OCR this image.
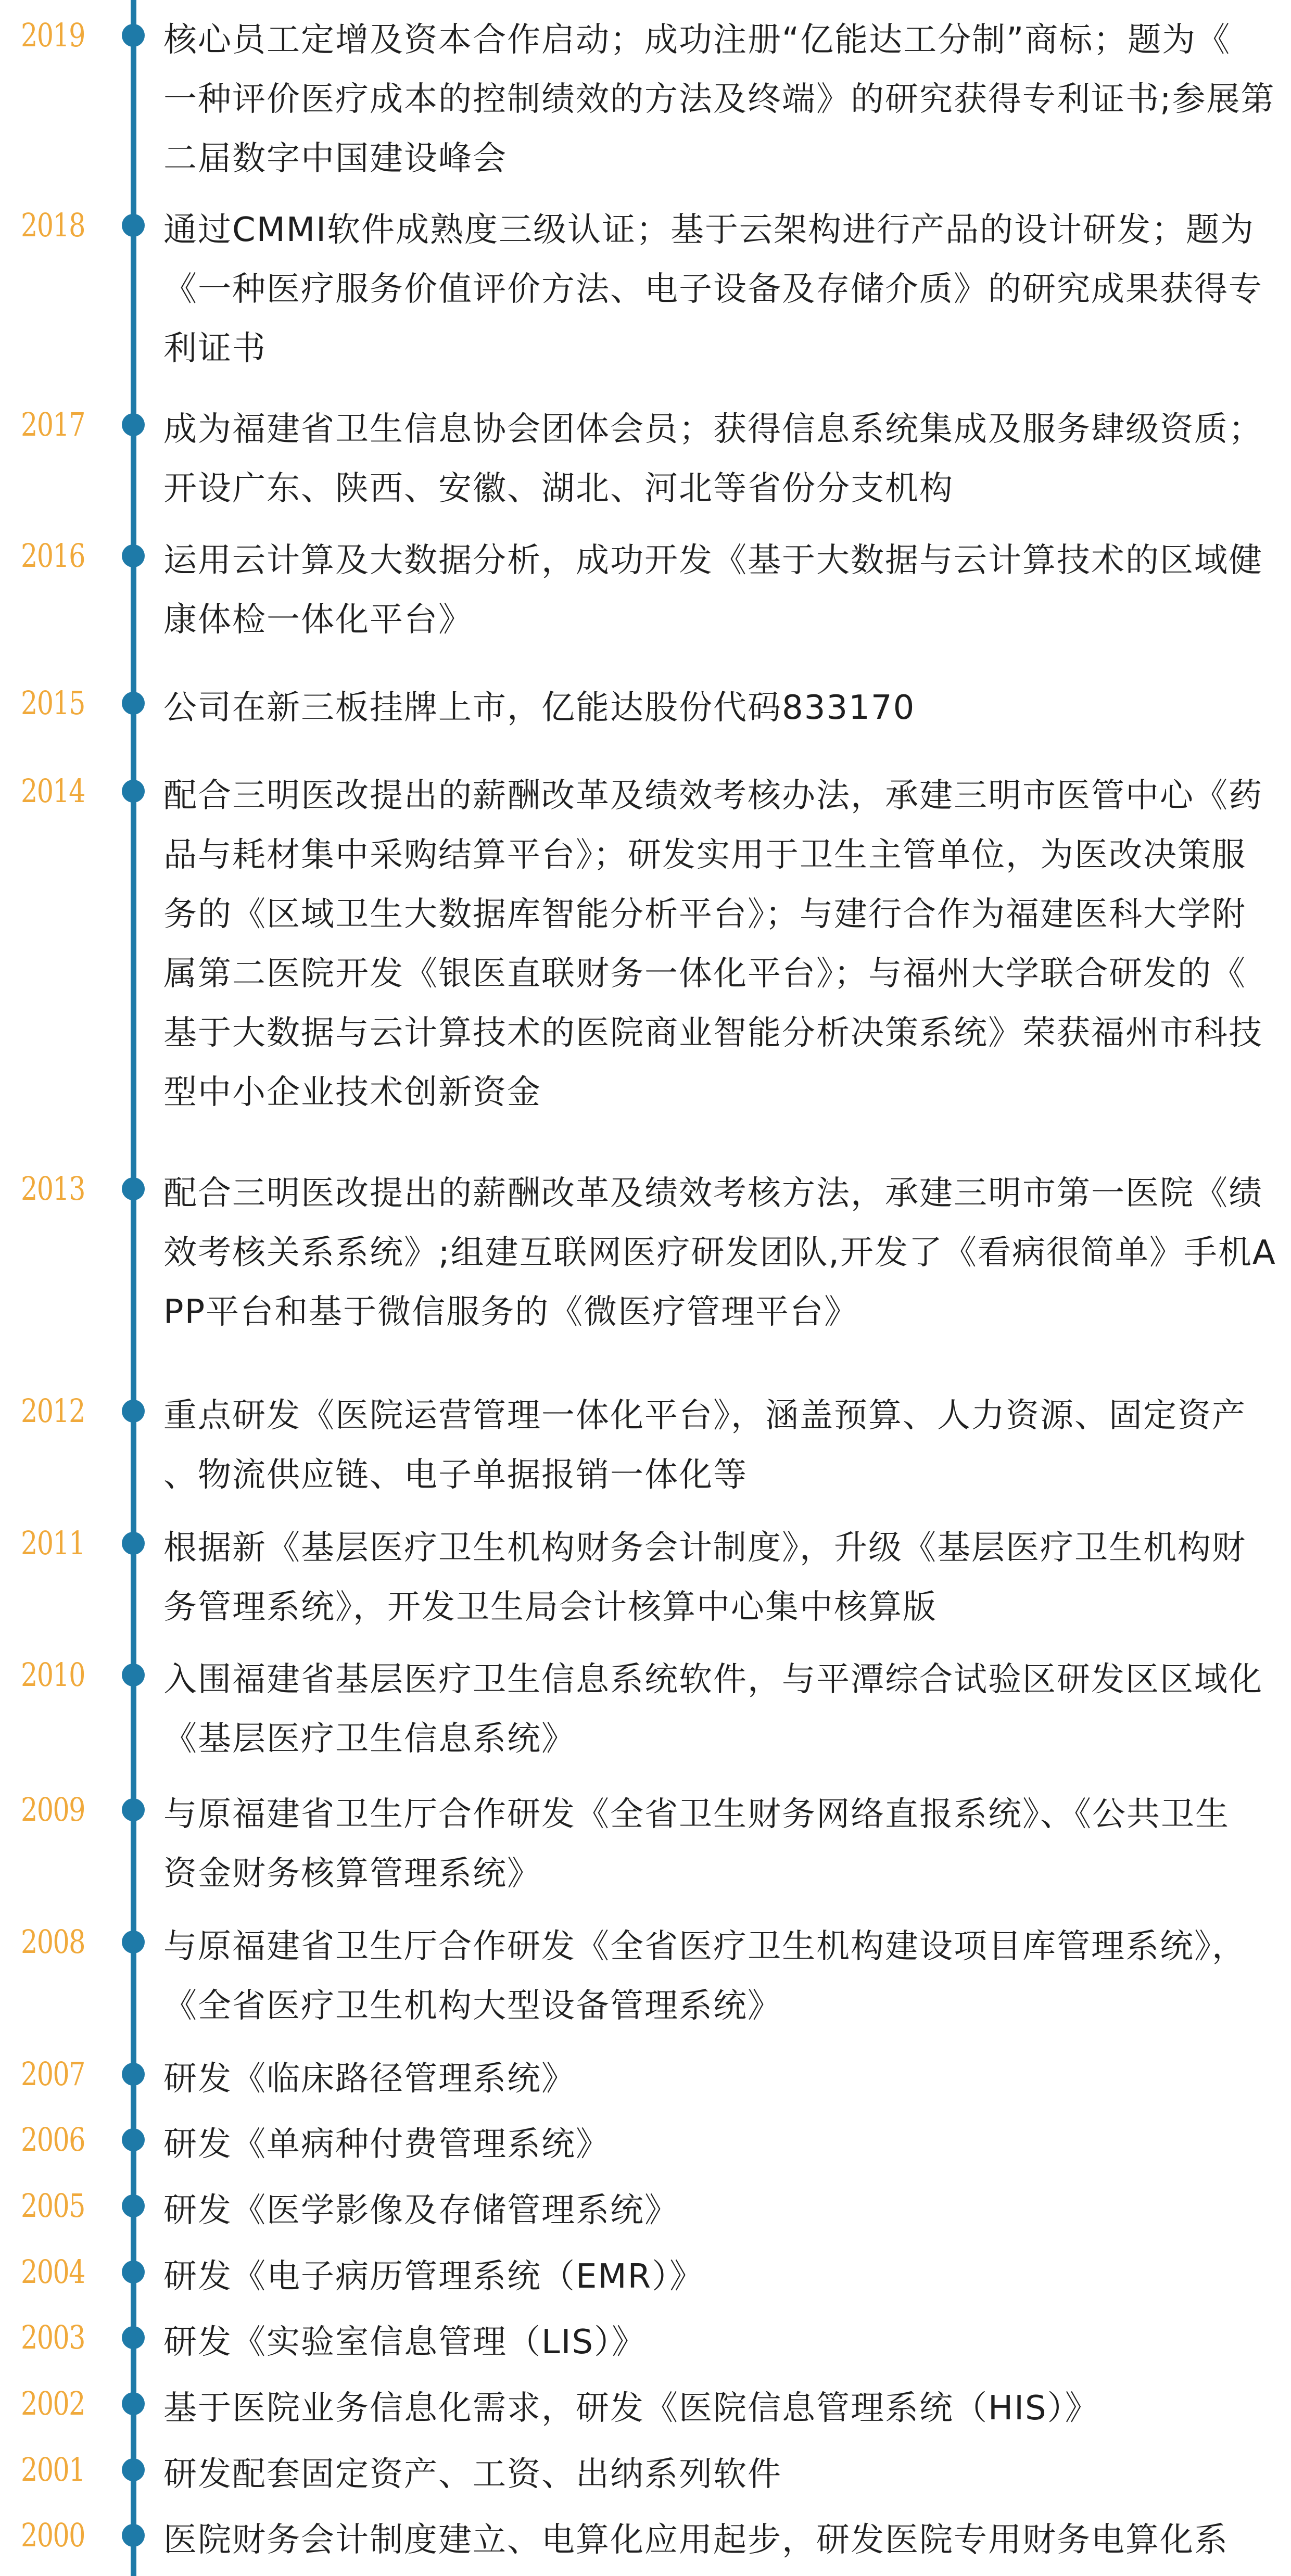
2019 核心员工定增及资本合作启动；成功注册“亿能达工分制”商标；题为《
一种评价医疗成本的控制绩效的方法及终端》的研究获得专利证书;参展第
二届数字中国建设峰会
2018 通过CMMI软件成熟度三级认证；基于云架构进行产品的设计研发；题为
《一种医疗服务价值评价方法、电子设备及存储介质》的研究成果获得专
利证书
2017 成为福建省卫生信息协会团体会员；获得信息系统集成及服务肆级资质；
开设广东、陕西、安徽、湖北、河北等省份分支机构
2016 运用云计算及大数据分析，成功开发《基于大数据与云计算技术的区域健
康体检一体化平台》
2015 公司在新三板挂牌上市，亿能达股份代码833170
2014 配合三明医改提出的薪酬改革及绩效考核办法，承建三明市医管中心《药
品与耗材集中采购结算平台》；研发实用于卫生主管单位，为医改决策服
务的《区域卫生大数据库智能分析平台》；与建行合作为福建医科大学附
属第二医院开发《银医直联财务一体化平台》；与福州大学联合研发的《
基于大数据与云计算技术的医院商业智能分析决策系统》荣获福州市科技
型中小企业技术创新资金
2013 配合三明医改提出的薪酬改革及绩效考核方法，承建三明市第一医院《绩
效考核关系系统》;组建互联网医疗研发团队,开发了《看病很简单》手机A
PP平台和基于微信服务的《微医疗管理平台》
2012 重点研发《医院运营管理一体化平台》，涵盖预算、人力资源、固定资产
、物流供应链、电子单据报销一体化等
2011 根据新《基层医疗卫生机构财务会计制度》，升级《基层医疗卫生机构财
务管理系统》，开发卫生局会计核算中心集中核算版
2010 入围福建省基层医疗卫生信息系统软件，与平潭综合试验区研发区区域化
《基层医疗卫生信息系统》
2009 与原福建省卫生厅合作研发《全省卫生财务网络直报系统》、《公共卫生
资金财务核算管理系统》
2008 与原福建省卫生厅合作研发《全省医疗卫生机构建设项目库管理系统》，
《全省医疗卫生机构大型设备管理系统》
2007 研发《临床路径管理系统》
2006 研发《单病种付费管理系统》
2005 研发《医学影像及存储管理系统》
2004 研发《电子病历管理系统（EMR）》
2003 研发《实验室信息管理（LIS）》
2002 基于医院业务信息化需求，研发《医院信息管理系统（HIS）》
2001 研发配套固定资产、工资、出纳系列软件
2000 医院财务会计制度建立、电算化应用起步，研发医院专用财务电算化系
